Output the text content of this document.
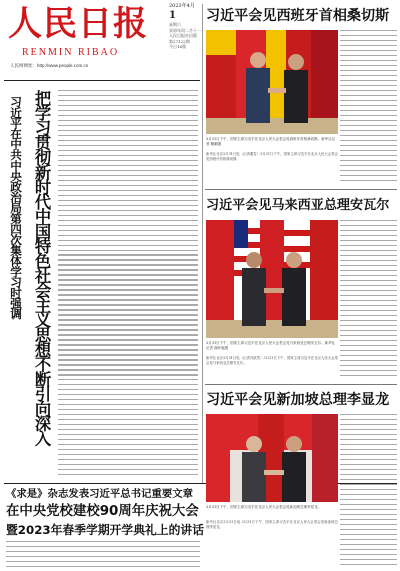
人民日报
RENMIN RIBAO
人民网网址：http://www.people.com.cn
2023年4月
1
星期六
癸卯年闰二月十一
人民日报社出版
第27122期
今日16版
把学习贯彻新时代中国特色社会主义思想不断引向深入
习近平在中共中央政治局第四次集体学习时强调
习近平会见西班牙首相桑切斯
3月31日下午，国家主席习近平在北京人民大会堂会见西班牙首相桑切斯。新华社记者 鞠鹏摄
新华社北京3月31日电（记者董雪）3月31日下午，国家主席习近平在北京人民大会堂会见西班牙首相桑切斯。
习近平会见马来西亚总理安瓦尔
3月31日下午，国家主席习近平在北京人民大会堂会见马来西亚总理安瓦尔。新华社记者 谢环驰摄
新华社北京3月31日电（记者冯歆然）3月31日下午，国家主席习近平在北京人民大会堂会见马来西亚总理安瓦尔。
习近平会见新加坡总理李显龙
3月31日下午，国家主席习近平在北京人民大会堂会见新加坡总理李显龙。
新华社北京3月31日电 3月31日下午，国家主席习近平在北京人民大会堂会见新加坡总理李显龙。
《求是》杂志发表习近平总书记重要文章
在中央党校建校90周年庆祝大会
暨2023年春季学期开学典礼上的讲话
